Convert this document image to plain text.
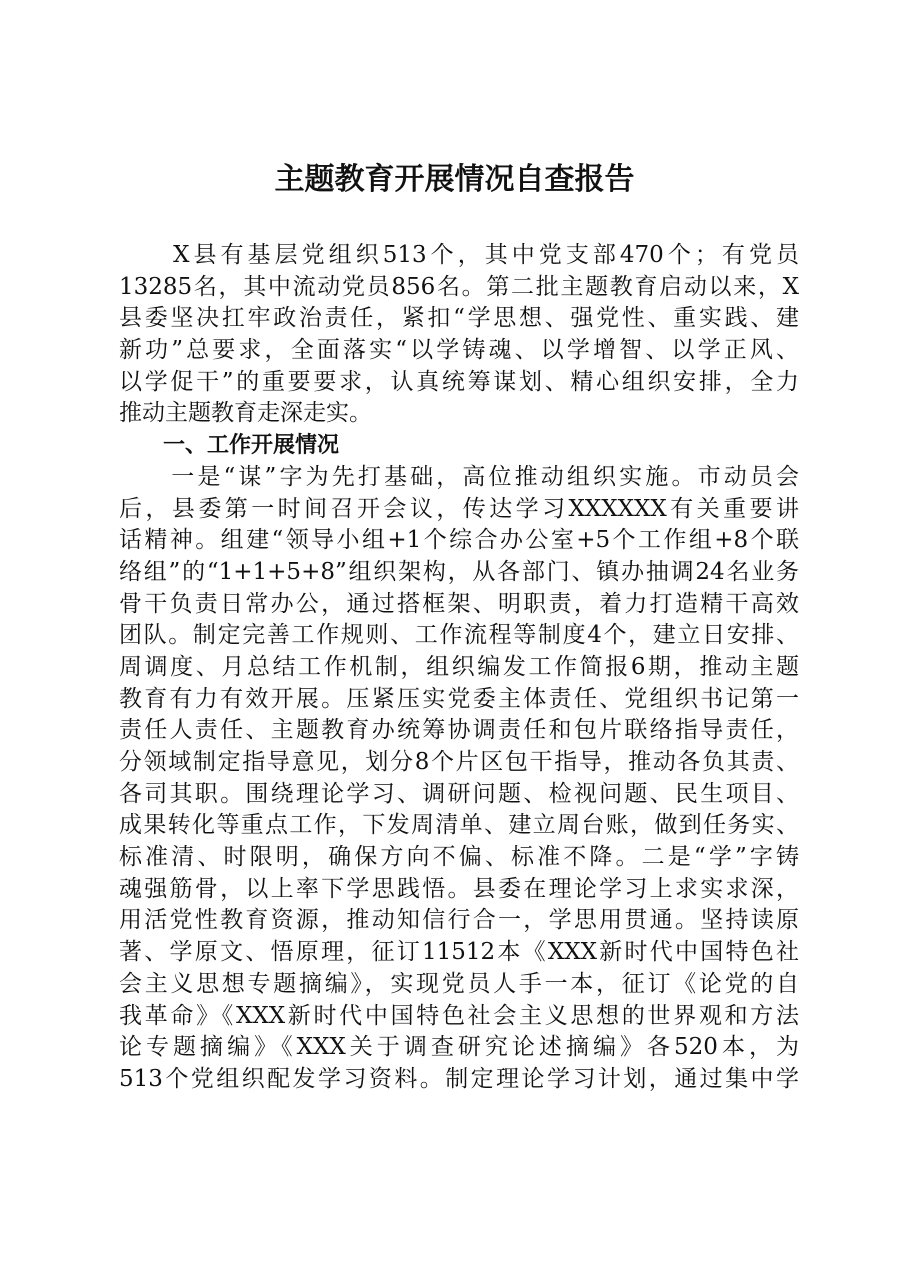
主题教育开展情况自查报告
　　X县有基层党组织513个，其中党支部470个；有党员
13285名，其中流动党员856名。第二批主题教育启动以来，X
县委坚决扛牢政治责任，紧扣“学思想、强党性、重实践、建
新功”总要求，全面落实“以学铸魂、以学增智、以学正风、
以学促干”的重要要求，认真统筹谋划、精心组织安排，全力
推动主题教育走深走实。
　　一、工作开展情况
　　一是“谋”字为先打基础，高位推动组织实施。市动员会
后，县委第一时间召开会议，传达学习XXXXXX有关重要讲
话精神。组建“领导小组+1个综合办公室+5个工作组+8个联
络组”的“1+1+5+8”组织架构，从各部门、镇办抽调24名业务
骨干负责日常办公，通过搭框架、明职责，着力打造精干高效
团队。制定完善工作规则、工作流程等制度4个，建立日安排、
周调度、月总结工作机制，组织编发工作简报6期，推动主题
教育有力有效开展。压紧压实党委主体责任、党组织书记第一
责任人责任、主题教育办统筹协调责任和包片联络指导责任，
分领域制定指导意见，划分8个片区包干指导，推动各负其责、
各司其职。围绕理论学习、调研问题、检视问题、民生项目、
成果转化等重点工作，下发周清单、建立周台账，做到任务实、
标准清、时限明，确保方向不偏、标准不降。二是“学”字铸
魂强筋骨，以上率下学思践悟。县委在理论学习上求实求深，
用活党性教育资源，推动知信行合一，学思用贯通。坚持读原
著、学原文、悟原理，征订11512本《XXX新时代中国特色社
会主义思想专题摘编》，实现党员人手一本，征订《论党的自
我革命》《XXX新时代中国特色社会主义思想的世界观和方法
论专题摘编》《XXX关于调查研究论述摘编》各520本，为
513个党组织配发学习资料。制定理论学习计划，通过集中学
